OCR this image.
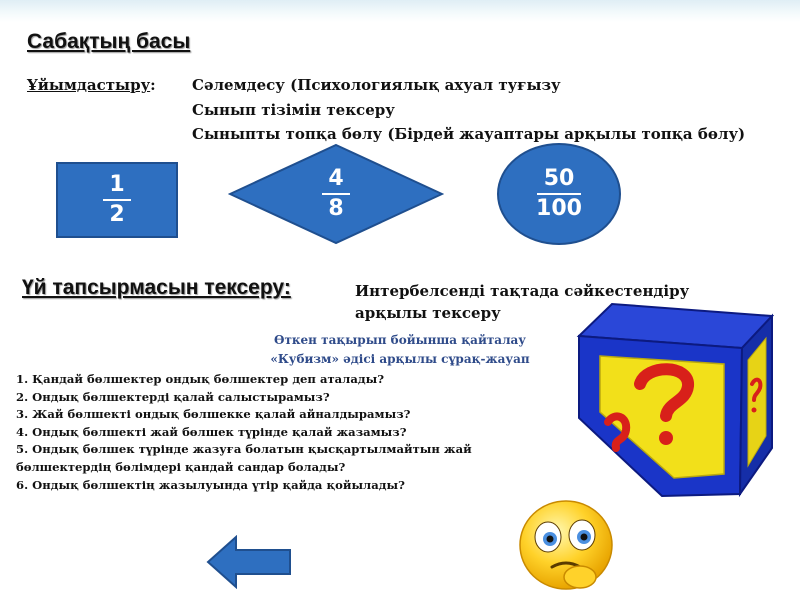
Сабақтың басы
Ұйымдастыру: Сәлемдесу (Психологиялық ахуал туғызу
Сынып тізімін тексеру
Сыныпты топқа бөлу (Бірдей жауаптары арқылы топқа бөлу)
1
2
4
8
50
100
Үй тапсырмасын тексеру:	Интербелсенді тақтада сәйкестендіру
арқылы тексеру
Өткен тақырып бойынша қайталау
«Кубизм» әдісі арқылы сұрақ-жауап
1. Қандай бөлшектер ондық бөлшектер деп аталады?
2. Ондық бөлшектерді қалай салыстырамыз?
3. Жай бөлшекті ондық бөлшекке қалай айналдырамыз?
4. Ондық бөлшекті жай бөлшек түрінде қалай жазамыз?
5. Ондық бөлшек түрінде жазуға болатын қысқартылмайтын жай
бөлшектердің бөлімдері қандай сандар болады?
6. Ондық бөлшектің жазылуында үтір қайда қойылады?
